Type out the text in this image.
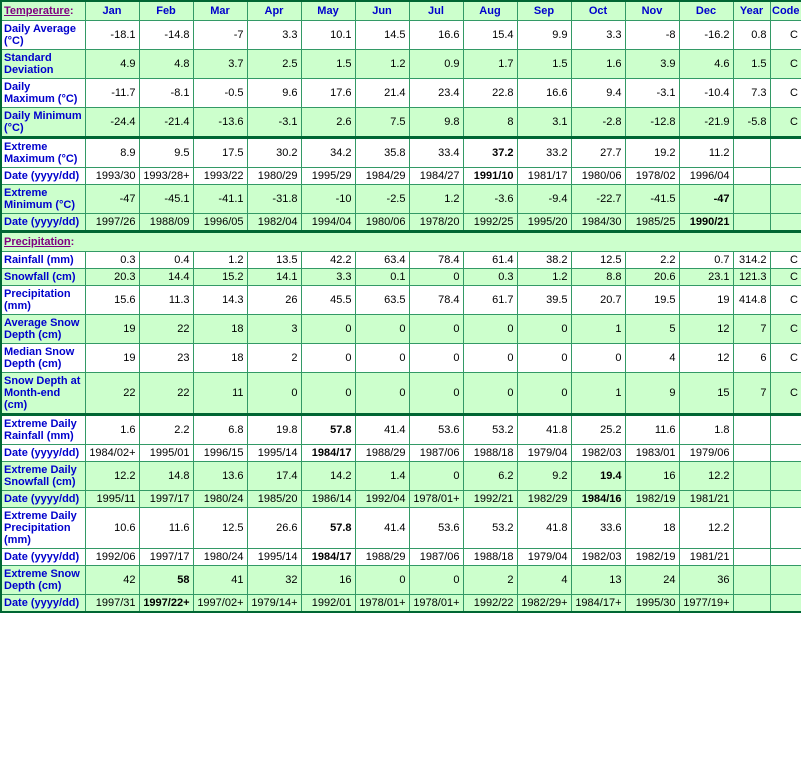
Temperature:	Jan	Feb	Mar	Apr	May	Jun	Jul	Aug	Sep	Oct	Nov	Dec	Year	Code
Daily Average (°C)	-18.1	-14.8	-7	3.3	10.1	14.5	16.6	15.4	9.9	3.3	-8	-16.2	0.8	C
Standard Deviation	4.9	4.8	3.7	2.5	1.5	1.2	0.9	1.7	1.5	1.6	3.9	4.6	1.5	C
Daily Maximum (°C)	-11.7	-8.1	-0.5	9.6	17.6	21.4	23.4	22.8	16.6	9.4	-3.1	-10.4	7.3	C
Daily Minimum (°C)	-24.4	-21.4	-13.6	-3.1	2.6	7.5	9.8	8	3.1	-2.8	-12.8	-21.9	-5.8	C
Extreme Maximum (°C)	8.9	9.5	17.5	30.2	34.2	35.8	33.4	37.2	33.2	27.7	19.2	11.2		
Date (yyyy/dd)	1993/30	1993/28+	1993/22	1980/29	1995/29	1984/29	1984/27	1991/10	1981/17	1980/06	1978/02	1996/04		
Extreme Minimum (°C)	-47	-45.1	-41.1	-31.8	-10	-2.5	1.2	-3.6	-9.4	-22.7	-41.5	-47		
Date (yyyy/dd)	1997/26	1988/09	1996/05	1982/04	1994/04	1980/06	1978/20	1992/25	1995/20	1984/30	1985/25	1990/21		
Precipitation:														
Rainfall (mm)	0.3	0.4	1.2	13.5	42.2	63.4	78.4	61.4	38.2	12.5	2.2	0.7	314.2	C
Snowfall (cm)	20.3	14.4	15.2	14.1	3.3	0.1	0	0.3	1.2	8.8	20.6	23.1	121.3	C
Precipitation (mm)	15.6	11.3	14.3	26	45.5	63.5	78.4	61.7	39.5	20.7	19.5	19	414.8	C
Average Snow Depth (cm)	19	22	18	3	0	0	0	0	0	1	5	12	7	C
Median Snow Depth (cm)	19	23	18	2	0	0	0	0	0	0	4	12	6	C
Snow Depth at Month-end (cm)	22	22	11	0	0	0	0	0	0	1	9	15	7	C
Extreme Daily Rainfall (mm)	1.6	2.2	6.8	19.8	57.8	41.4	53.6	53.2	41.8	25.2	11.6	1.8		
Date (yyyy/dd)	1984/02+	1995/01	1996/15	1995/14	1984/17	1988/29	1987/06	1988/18	1979/04	1982/03	1983/01	1979/06		
Extreme Daily Snowfall (cm)	12.2	14.8	13.6	17.4	14.2	1.4	0	6.2	9.2	19.4	16	12.2		
Date (yyyy/dd)	1995/11	1997/17	1980/24	1985/20	1986/14	1992/04	1978/01+	1992/21	1982/29	1984/16	1982/19	1981/21		
Extreme Daily Precipitation (mm)	10.6	11.6	12.5	26.6	57.8	41.4	53.6	53.2	41.8	33.6	18	12.2		
Date (yyyy/dd)	1992/06	1997/17	1980/24	1995/14	1984/17	1988/29	1987/06	1988/18	1979/04	1982/03	1982/19	1981/21		
Extreme Snow Depth (cm)	42	58	41	32	16	0	0	2	4	13	24	36		
Date (yyyy/dd)	1997/31	1997/22+	1997/02+	1979/14+	1992/01	1978/01+	1978/01+	1992/22	1982/29+	1984/17+	1995/30	1977/19+		
